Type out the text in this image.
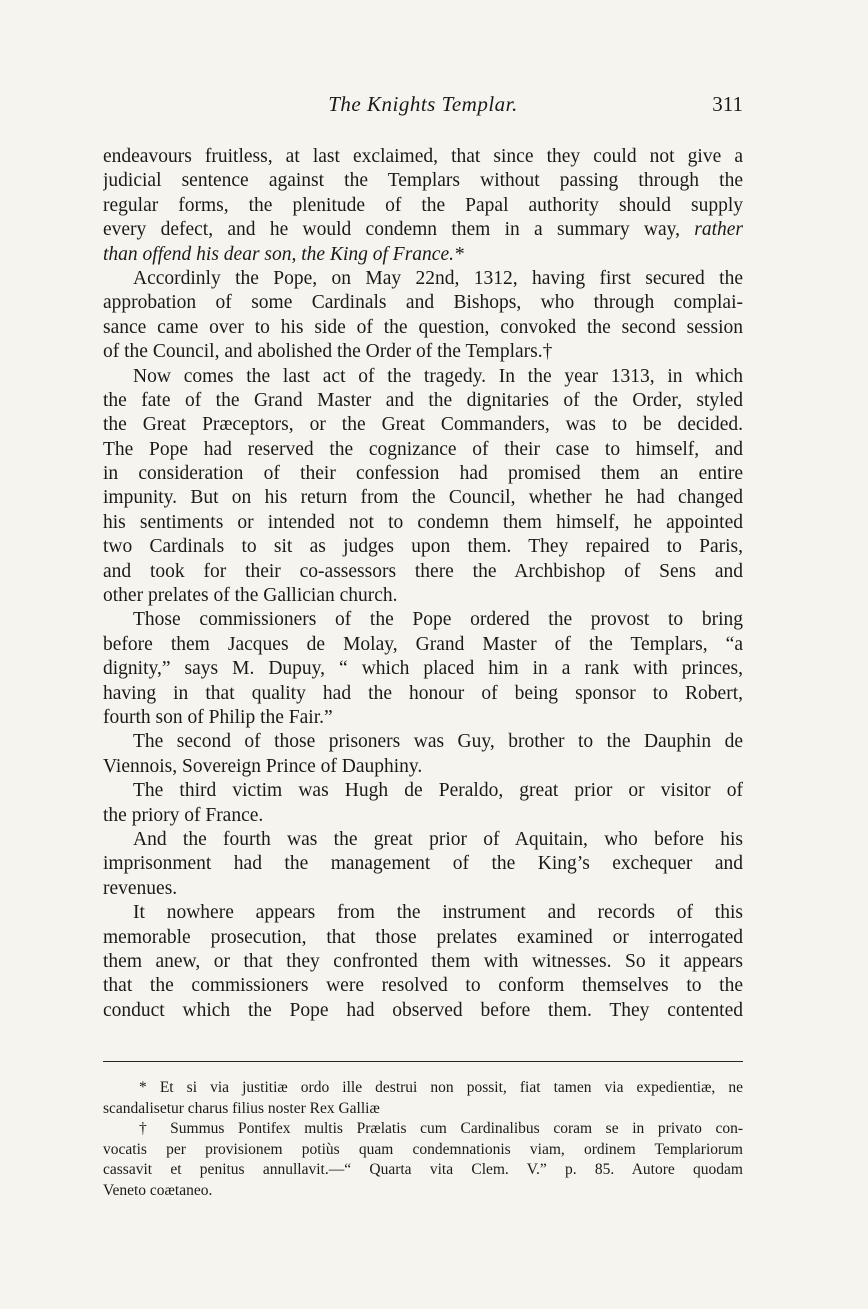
The Knights Templar.	311
endeavours fruitless, at last exclaimed, that since they could not give a
judicial sentence against the Templars without passing through the
regular forms, the plenitude of the Papal authority should supply
every defect, and he would condemn them in a summary way, rather
than offend his dear son, the King of France.*
Accordinly the Pope, on May 22nd, 1312, having first secured the
approbation of some Cardinals and Bishops, who through complai-
sance came over to his side of the question, convoked the second session
of the Council, and abolished the Order of the Templars.†
Now comes the last act of the tragedy. In the year 1313, in which
the fate of the Grand Master and the dignitaries of the Order, styled
the Great Præceptors, or the Great Commanders, was to be decided.
The Pope had reserved the cognizance of their case to himself, and
in consideration of their confession had promised them an entire
impunity. But on his return from the Council, whether he had changed
his sentiments or intended not to condemn them himself, he appointed
two Cardinals to sit as judges upon them. They repaired to Paris,
and took for their co-assessors there the Archbishop of Sens and
other prelates of the Gallician church.
Those commissioners of the Pope ordered the provost to bring
before them Jacques de Molay, Grand Master of the Templars, “a
dignity,” says M. Dupuy, “ which placed him in a rank with princes,
having in that quality had the honour of being sponsor to Robert,
fourth son of Philip the Fair.”
The second of those prisoners was Guy, brother to the Dauphin de
Viennois, Sovereign Prince of Dauphiny.
The third victim was Hugh de Peraldo, great prior or visitor of
the priory of France.
And the fourth was the great prior of Aquitain, who before his
imprisonment had the management of the King’s exchequer and
revenues.
It nowhere appears from the instrument and records of this
memorable prosecution, that those prelates examined or interrogated
them anew, or that they confronted them with witnesses. So it appears
that the commissioners were resolved to conform themselves to the
conduct which the Pope had observed before them. They contented
* Et si via justitiæ ordo ille destrui non possit, fiat tamen via expedientiæ, ne
scandalisetur charus filius noster Rex Galliæ
† Summus Pontifex multis Prælatis cum Cardinalibus coram se in privato con-
vocatis per provisionem potiùs quam condemnationis viam, ordinem Templariorum
cassavit et penitus annullavit.—“ Quarta vita Clem. V.” p. 85. Autore quodam
Veneto coætaneo.
